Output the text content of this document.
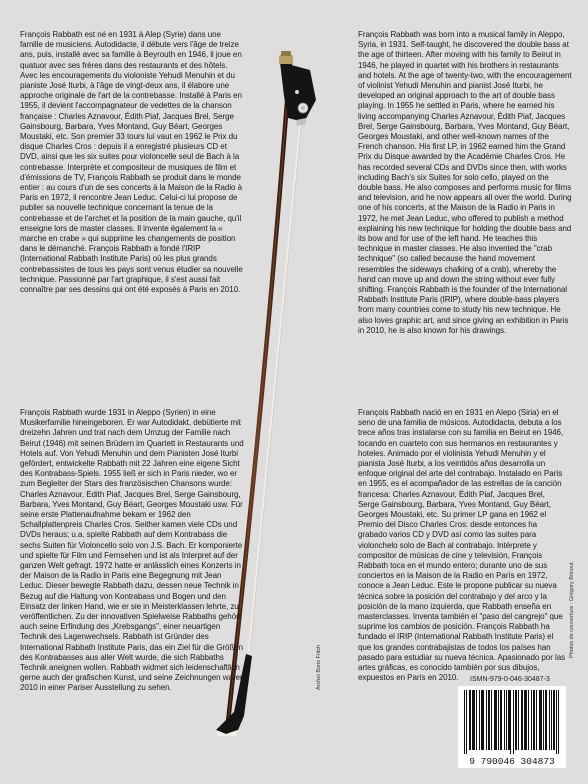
François Rabbath est né en 1931 à Alep (Syrie) dans une famille de musiciens. Autodidacte, il débute vers l'âge de treize ans, puis, installé avec sa famille à Beyrouth en 1946, il joue en quatuor avec ses frères dans des restaurants et des hôtels. Avec les encouragements du violoniste Yehudi Menuhin et du pianiste José Iturbi, à l'âge de vingt-deux ans, il élabore une approche originale de l'art de la contrebasse. Installé à Paris en 1955, il devient l'accompagnateur de vedettes de la chanson française : Charles Aznavour, Édith Piaf, Jacques Brel, Serge Gainsbourg, Barbara, Yves Montand, Guy Béart, Georges Moustaki, etc. Son premier 33 tours lui vaut en 1962 le Prix du disque Charles Cros : depuis il a enregistré plusieurs CD et DVD, ainsi que les six suites pour violoncelle seul de Bach à la contrebasse. Interprète et compositeur de musiques de film et d'émissions de TV, François Rabbath se produit dans le monde entier : au cours d'un de ses concerts à la Maison de la Radio à Paris en 1972, il rencontre Jean Leduc. Celui-ci lui propose de publier sa nouvelle technique concernant la tenue de la contrebasse et de l'archet et la position de la main gauche, qu'il enseigne lors de master classes. Il invente également la « marche en crabe » qui supprime les changements de position dans le démanché. François Rabbath a fondé l'IRIP (International Rabbath Institute Paris) où les plus grands contrebassistes de tous les pays sont venus étudier sa nouvelle technique. Passionné par l'art graphique, il s'est aussi fait connaître par ses dessins qui ont été exposés à Paris en 2010.
François Rabbath was born into a musical family in Aleppo, Syria, in 1931. Self-taught, he discovered the double bass at the age of thirteen. After moving with his family to Beirut in 1946, he played in quartet with his brothers in restaurants and hotels. At the age of twenty-two, with the encouragement of violinist Yehudi Menuhin and pianist José Iturbi, he developed an original approach to the art of double bass playing. In 1955 he settled in Paris, where he earned his living accompanying Charles Aznavour, Édith Piaf, Jacques Brel, Serge Gainsbourg, Barbara, Yves Montand, Guy Béart, Georges Moustaki, and other well-known names of the French chanson. His first LP, in 1962 earned him the Grand Prix du Disque awarded by the Académie Charles Cros. He has recorded several CDs and DVDs since then, with works including Bach's six Suites for solo cello, played on the double bass. He also composes and performs music for films and television, and he now appears all over the world. During one of his concerts, at the Maison de la Radio in Paris in 1972, he met Jean Leduc, who offered to publish a method explaining his new technique for holding the double bass and its bow and for use of the left hand. He teaches this technique in master classes. He also invented the "crab technique" (so called because the hand movement resembles the sideways chalking of a crab), whereby the hand can move up and down the string without ever fully shifting. François Rabbath is the founder of the International Rabbath Institute Paris (IRIP), where double-bass players from many countries come to study his new technique. He also loves graphic art, and since giving an exhibition in Paris in 2010, he is also known for his drawings.
François Rabbath wurde 1931 in Aleppo (Syrien) in eine Musikerfamilie hineingeboren. Er war Autodidakt, debütierte mit dreizehn Jahren und trat nach dem Umzug der Familie nach Beirut (1946) mit seinen Brüdern im Quartett in Restaurants und Hotels auf. Von Yehudi Menuhin und dem Pianisten José Iturbi gefördert, entwickelte Rabbath mit 22 Jahren eine eigene Sicht des Kontrabass-Spiels. 1955 ließ er sich in Paris nieder, wo er zum Begleiter der Stars des französischen Chansons wurde: Charles Aznavour, Edith Piaf, Jacques Brel, Serge Gainsbourg, Barbara, Yves Montand, Guy Béart, Georges Moustaki usw. Für seine erste Plattenaufnahme bekam er 1962 den Schallplattenpreis Charles Cros. Seither kamen viele CDs und DVDs heraus; u.a. spielte Rabbath auf dem Kontrabass die sechs Suiten für Violoncello solo von J.S. Bach. Er komponierte und spielte für Film und Fernsehen und ist als Interpret auf der ganzen Welt gefragt. 1972 hatte er anlässlich eines Konzerts in der Maison de la Radio in Paris eine Begegnung mit Jean Leduc. Dieser bewegte Rabbath dazu, dessen neue Technik in Bezug auf die Haltung von Kontrabass und Bogen und den Einsatz der linken Hand, wie er sie in Meisterklassen lehrte, zu veröffentlichen. Zu der innovativen Spielweise Rabbaths gehört auch seine Erfindung des „Krebsgangs", einer neuartigen Technik des Lagenwechsels. Rabbath ist Gründer des International Rabbath Institute Paris, das ein Ziel für die Größen des Kontrabasses aus aller Welt wurde, die sich Rabbaths Technik aneignen wollen. Rabbath widmet sich leidenschaftlich gerne auch der grafischen Kunst, und seine Zeichnungen waren 2010 in einer Pariser Ausstellung zu sehen.
François Rabbath nació en en 1931 en Alepo (Siria) en el seno de una familia de músicos. Autodidacta, debuta a los trece años tras instalarse con su familia en Beirut en 1946, tocando en cuarteto con sus hermanos en restaurantes y hoteles. Animado por el violinista Yehudi Menuhin y el pianista José Iturbi, a los veintidós años desarrolla un enfoque original del arte del contrabajo. Instalado en París en 1955, es el acompañador de las estrellas de la canción francesa: Charles Aznavour, Édith Piaf, Jacques Brel, Serge Gainsbourg, Barbara, Yves Montand, Guy Béart, Georges Moustaki, etc. Su primer LP gana en 1962 el Premio del Disco Charles Cros: desde entonces ha grabado varios CD y DVD así como las suites para violonchelo solo de Bach al contrabajo. Intérprete y compositor de músicas de cine y televisión, François Rabbath toca en el mundo entero; durante uno de sus conciertos en la Maison de la Radio en París en 1972, conoce a Jean Leduc. Este le propone publicar su nueva técnica sobre la posición del contrabajo y del arco y la posición de la mano izquierda, que Rabbath enseña en masterclasses. Inventa también el "paso del cangrejo" que suprime los cambios de posición. François Rabbath ha fundado el IRIP (International Rabbath Institute Paris) el que los grandes contrabajistas de todos los países han pasado para estudiar su nueva técnica. Apasionado por las artes gráficas, es conocido también por sus dibujos, expuestos en París en 2010.
Photos de couverture : Grégory Bricout.
Archet Boris Fritch	ISMN-979-0-046-30487-3
9 790046 304873
